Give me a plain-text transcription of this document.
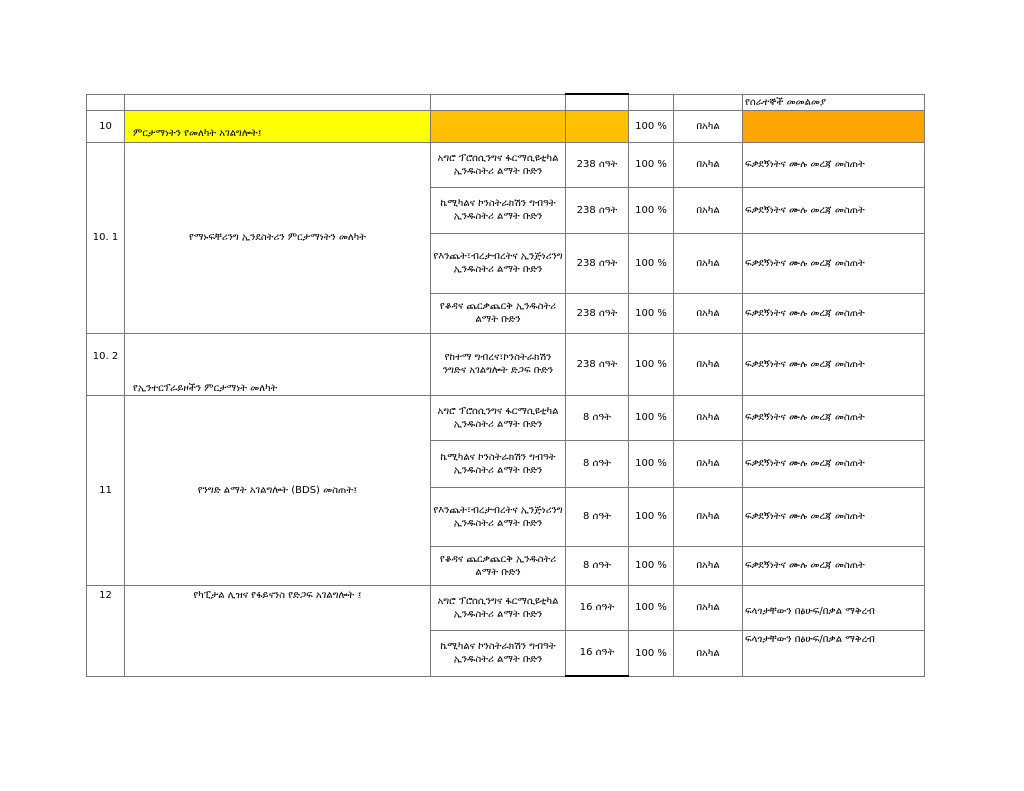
						የሰራተኞች መመልመያ
10	ምርታማነትን የመለካት አገልግሎት፤			100 %	በአካል	
10. 1	የማኑፍቸሪንግ ኢንደስትሪን ምርታማነትን መለካት	አግሮ ፕሮሰሲንግና ፋርማሲዩቲካል ኢንዱስትሪ ልማት ቡድን	238 ሰዓት	100 %	በአካል	ፍቃደኝነትና ሙሉ መረጃ መስጠት
		ኬሚካልና ኮንስትራክሽን ግብዓት ኢንዱስትሪ ልማት ቡድን	238 ሰዓት	100 %	በአካል	ፍቃደኝነትና ሙሉ መረጃ መስጠት
		የእንጨት፣ብረታብረትና ኢንጅነሪንግ ኢንዱስትሪ ልማት ቡድን	238 ሰዓት	100 %	በአካል	ፍቃደኝነትና ሙሉ መረጃ መስጠት
		የቆዳና ጨርቃጨርቅ ኢንዱስትሪ ልማት ቡድን	238 ሰዓት	100 %	በአካል	ፍቃደኝነትና ሙሉ መረጃ መስጠት
10. 2	የኢንተርፕራይዞችን ምርታማነት መለካት	የከተማ ግብረና፣ኮንስትራክሽን ንግድና አገልግሎት ድጋፍ ቡድን	238 ሰዓት	100 %	በአካል	ፍቃደኝነትና ሙሉ መረጃ መስጠት
11	የንግድ ልማት አገልግሎት (BDS) መስጠት፤	አግሮ ፕሮሰሲንግና ፋርማሲዩቲካል ኢንዱስትሪ ልማት ቡድን	8 ሰዓት	100 %	በአካል	ፍቃደኝነትና ሙሉ መረጃ መስጠት
		ኬሚካልና ኮንስትራክሽን ግብዓት ኢንዱስትሪ ልማት ቡድን	8 ሰዓት	100 %	በአካል	ፍቃደኝነትና ሙሉ መረጃ መስጠት
		የእንጨት፣ብረታብረትና ኢንጅነሪንግ ኢንዱስትሪ ልማት ቡድን	8 ሰዓት	100 %	በአካል	ፍቃደኝነትና ሙሉ መረጃ መስጠት
		የቆዳና ጨርቃጨርቅ ኢንዱስትሪ ልማት ቡድን	8 ሰዓት	100 %	በአካል	ፍቃደኝነትና ሙሉ መረጃ መስጠት
12	የካፒታል ሊዝና የፋይናንስ የድጋፍ አገልግሎት ፤	አግሮ ፕሮሰሲንግና ፋርማሲዩቲካል ኢንዱስትሪ ልማት ቡድን	16 ሰዓት	100 %	በአካል	ፍላጎታቸውን በፅሁፍ/በቃል ማቅረብ
		ኬሚካልና ኮንስትራክሽን ግብዓት ኢንዱስትሪ ልማት ቡድን	16 ሰዓት	100 %	በአካል	ፍላጎታቸውን በፅሁፍ/በቃል ማቅረብ
